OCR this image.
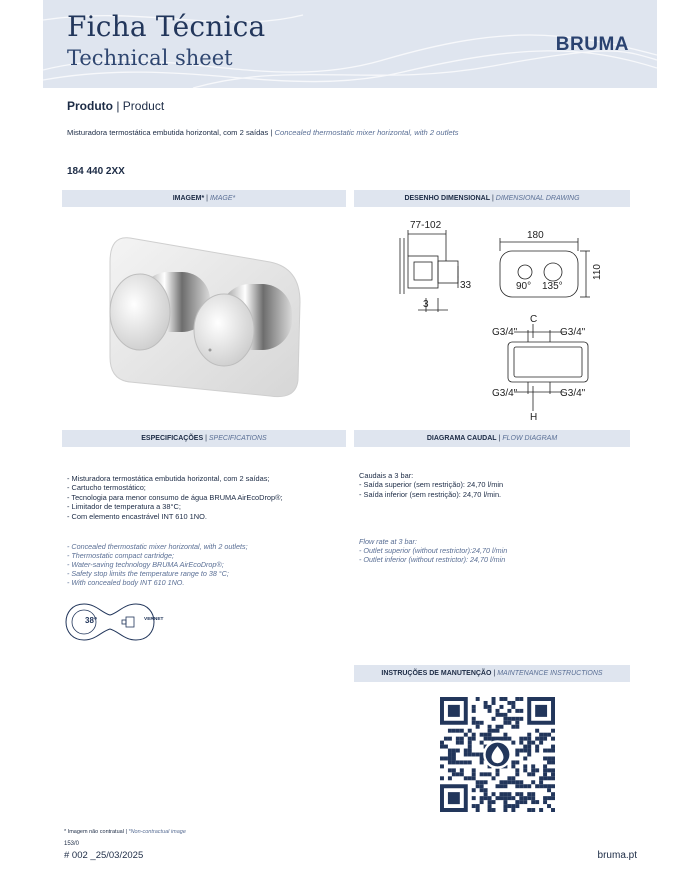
Ficha Técnica
Technical sheet
BRUMA
Produto | Product
Misturadora termostática embutida horizontal, com 2 saídas | Concealed thermostatic mixer horizontal, with 2 outlets
184 440 2XX
IMAGEM* | IMAGE*	DESENHO DIMENSIONAL | DIMENSIONAL DRAWING
77-102
3
33
180
110
90° 135°
C
H
G3/4"	G3/4"
G3/4"	G3/4"
ESPECIFICAÇÕES | SPECIFICATIONS	DIAGRAMA CAUDAL | FLOW DIAGRAM
- Misturadora termostática embutida horizontal, com 2 saídas;
- Cartucho termostático;
- Tecnologia para menor consumo de água BRUMA AirEcoDrop®;
- Limitador de temperatura a 38°C;
- Com elemento encastrável INT 610 1NO.
- Concealed thermostatic mixer horizontal, with 2 outlets;
- Thermostatic compact cartridge;
- Water-saving technology BRUMA AirEcoDrop®;
- Safety stop limits the temperature range to 38 °C;
- With concealed body INT 610 1NO.
Caudais a 3 bar:
- Saída superior (sem restrição): 24,70 l/min
- Saída inferior (sem restrição): 24,70 l/min.
Flow rate at 3 bar:
- Outlet superior (without restrictor):24,70 l/min
- Outlet inferior (without restrictor): 24,70 l/min
38°	VERNET
INSTRUÇÕES DE MANUTENÇÃO | MAINTENANCE INSTRUCTIONS
* Imagem não contratual | *Non-contractual image
153/0
# 002 _25/03/2025	bruma.pt
